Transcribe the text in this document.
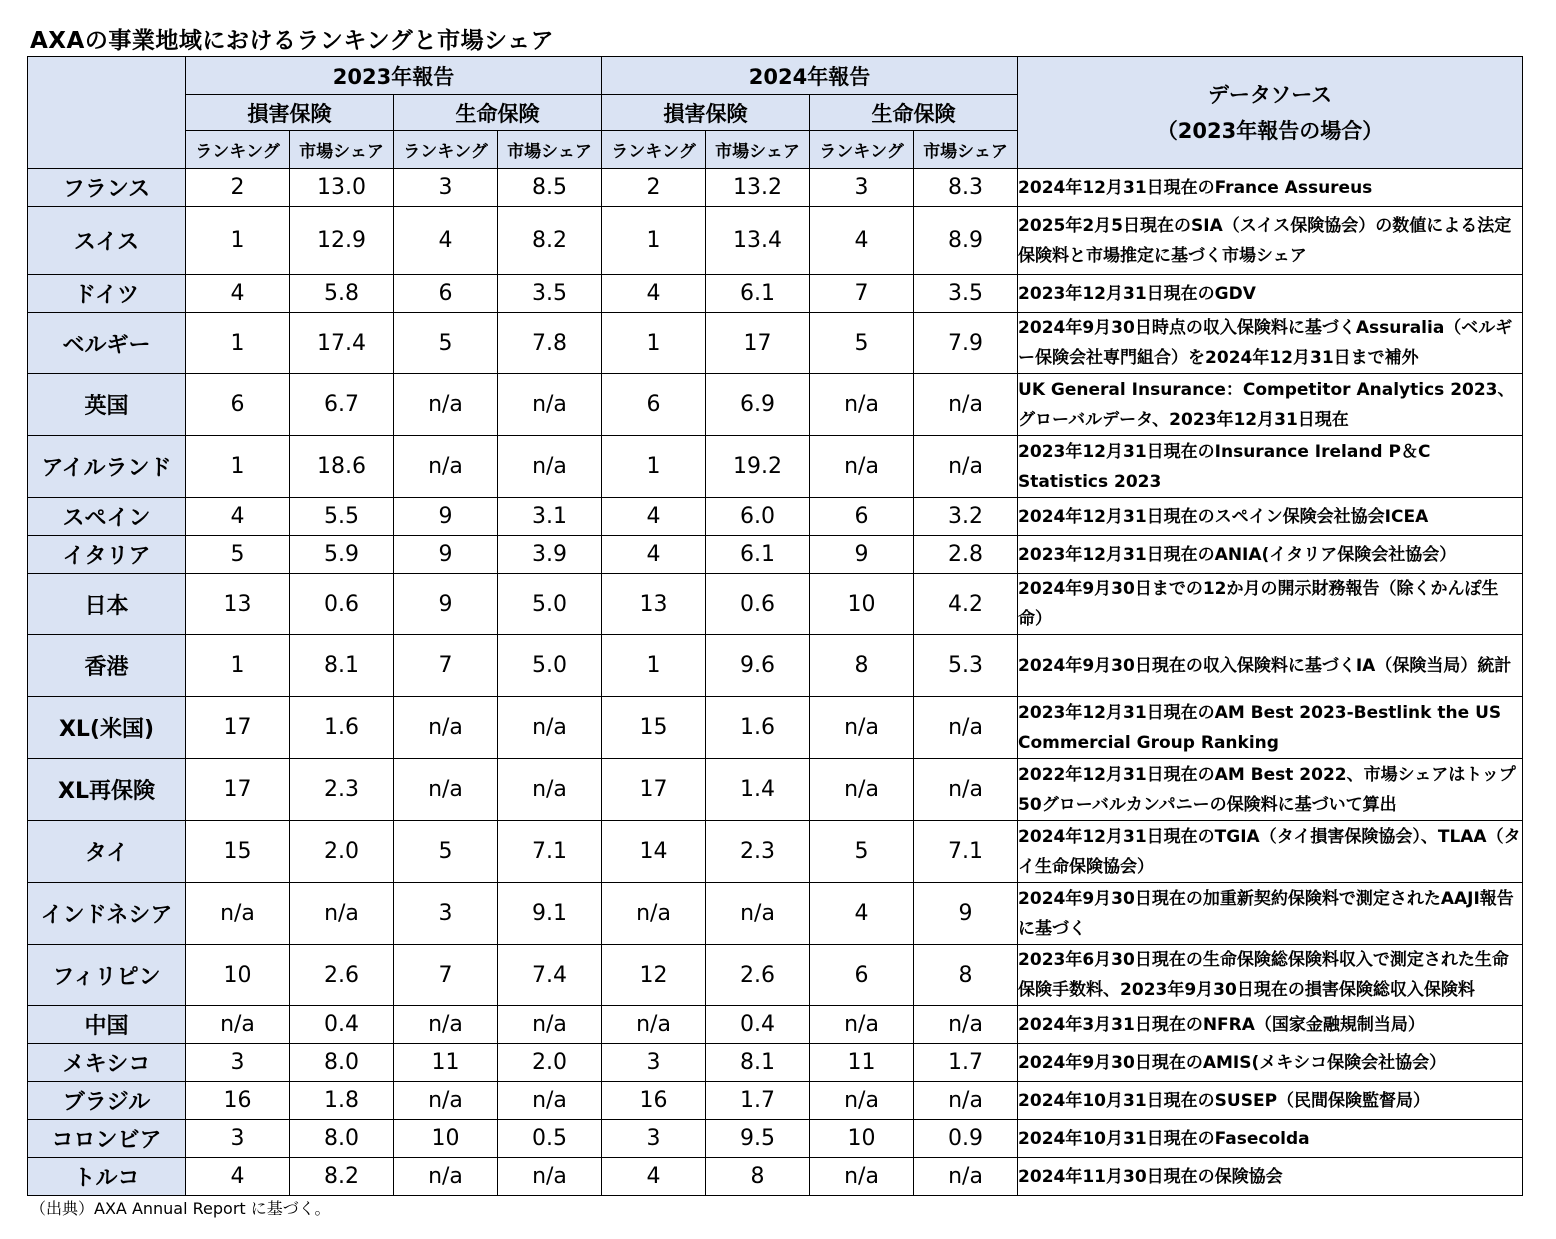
AXAの事業地域におけるランキングと市場シェア
	2023年報告				2024年報告				データソース
（2023年報告の場合）

	損害保険		生命保険		損害保険		生命保険		
	ランキング	市場シェア	ランキング	市場シェア	ランキング	市場シェア	ランキング	市場シェア	
フランス	2	13.0	3	8.5	2	13.2	3	8.3	2024年12月31日現在のFrance Assureus
スイス	1	12.9	4	8.2	1	13.4	4	8.9	2025年2月5日現在のSIA（スイス保険協会）の数値による法定保険料と市場推定に基づく市場シェア
ドイツ	4	5.8	6	3.5	4	6.1	7	3.5	2023年12月31日現在のGDV
ベルギー	1	17.4	5	7.8	1	17	5	7.9	2024年9月30日時点の収入保険料に基づくAssuralia（ベルギー保険会社専門組合）を2024年12月31日まで補外
英国	6	6.7	n/a	n/a	6	6.9	n/a	n/a	UK General Insurance：Competitor Analytics 2023、グローバルデータ、2023年12月31日現在
アイルランド	1	18.6	n/a	n/a	1	19.2	n/a	n/a	2023年12月31日現在のInsurance Ireland P＆C Statistics 2023
スペイン	4	5.5	9	3.1	4	6.0	6	3.2	2024年12月31日現在のスペイン保険会社協会ICEA
イタリア	5	5.9	9	3.9	4	6.1	9	2.8	2023年12月31日現在のANIA(イタリア保険会社協会）
日本	13	0.6	9	5.0	13	0.6	10	4.2	2024年9月30日までの12か月の開示財務報告（除くかんぽ生命）
香港	1	8.1	7	5.0	1	9.6	8	5.3	2024年9月30日現在の収入保険料に基づくIA（保険当局）統計
XL(米国)	17	1.6	n/a	n/a	15	1.6	n/a	n/a	2023年12月31日現在のAM Best 2023-Bestlink the US Commercial Group Ranking
XL再保険	17	2.3	n/a	n/a	17	1.4	n/a	n/a	2022年12月31日現在のAM Best 2022、市場シェアはトップ50グローバルカンパニーの保険料に基づいて算出
タイ	15	2.0	5	7.1	14	2.3	5	7.1	2024年12月31日現在のTGIA（タイ損害保険協会）、TLAA（タイ生命保険協会）
インドネシア	n/a	n/a	3	9.1	n/a	n/a	4	9	2024年9月30日現在の加重新契約保険料で測定されたAAJI報告に基づく
フィリピン	10	2.6	7	7.4	12	2.6	6	8	2023年6月30日現在の生命保険総保険料収入で測定された生命保険手数料、2023年9月30日現在の損害保険総収入保険料
中国	n/a	0.4	n/a	n/a	n/a	0.4	n/a	n/a	2024年3月31日現在のNFRA（国家金融規制当局）
メキシコ	3	8.0	11	2.0	3	8.1	11	1.7	2024年9月30日現在のAMIS(メキシコ保険会社協会）
ブラジル	16	1.8	n/a	n/a	16	1.7	n/a	n/a	2024年10月31日現在のSUSEP（民間保険監督局）
コロンビア	3	8.0	10	0.5	3	9.5	10	0.9	2024年10月31日現在のFasecolda
トルコ	4	8.2	n/a	n/a	4	8	n/a	n/a	2024年11月30日現在の保険協会
（出典）AXA Annual Report に基づく。
